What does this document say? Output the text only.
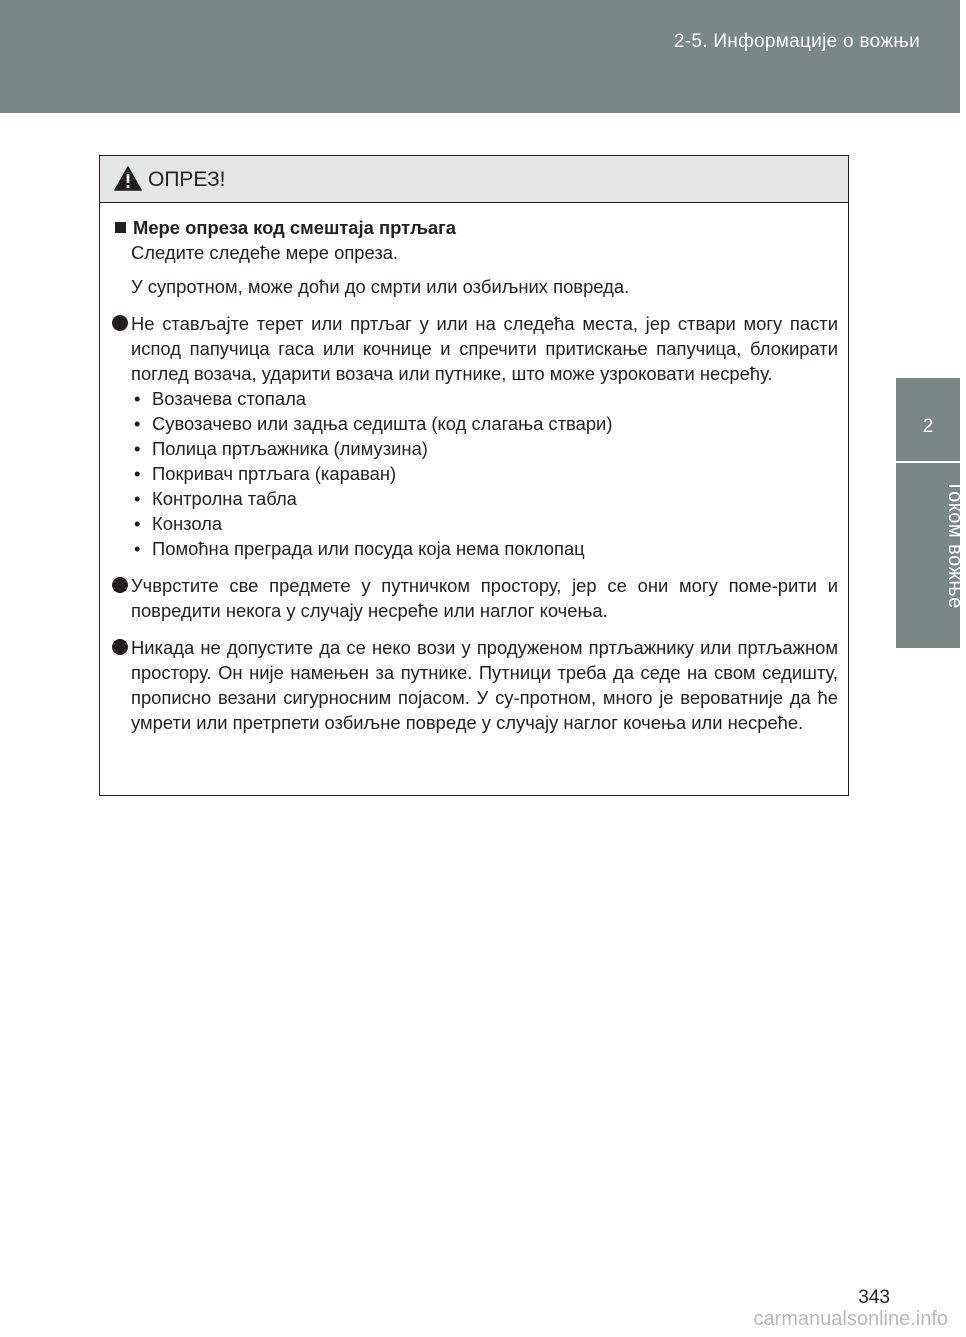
2-5. Информације о вожњи
2
Током вожње
ОПРЕЗ!
Мере опреза код смештаја пртљага

Следите следеће мере опреза.

У супротном, може доћи до смрти или озбиљних повреда.

Не стављајте терет или пртљаг у или на следећа места, јер ствари могу пасти испод папучица гаса или кочнице и спречити притискање папучица, блокирати поглед возача, ударити возача или путнике, што може узроковати несрећу.
• Возачева стопала
• Сувозачево или задња седишта (код слагања ствари)
• Полица пртљажника (лимузина)
• Покривач пртљага (караван)
• Контролна табла
• Конзола
• Помоћна преграда или посуда која нема поклопац
Учврстите све предмете у путничком простору, јер се они могу поме-рити и повредити некога у случају несреће или наглог кочења.
Никада не допустите да се неко вози у продуженом пртљажнику или пртљажном простору. Он није намењен за путнике. Путници треба да седе на свом седишту, прописно везани сигурносним појасом. У су-протном, много је вероватније да ће умрети или претрпети озбиљне повреде у случају наглог кочења или несреће.
343
carmanualsonline.info
